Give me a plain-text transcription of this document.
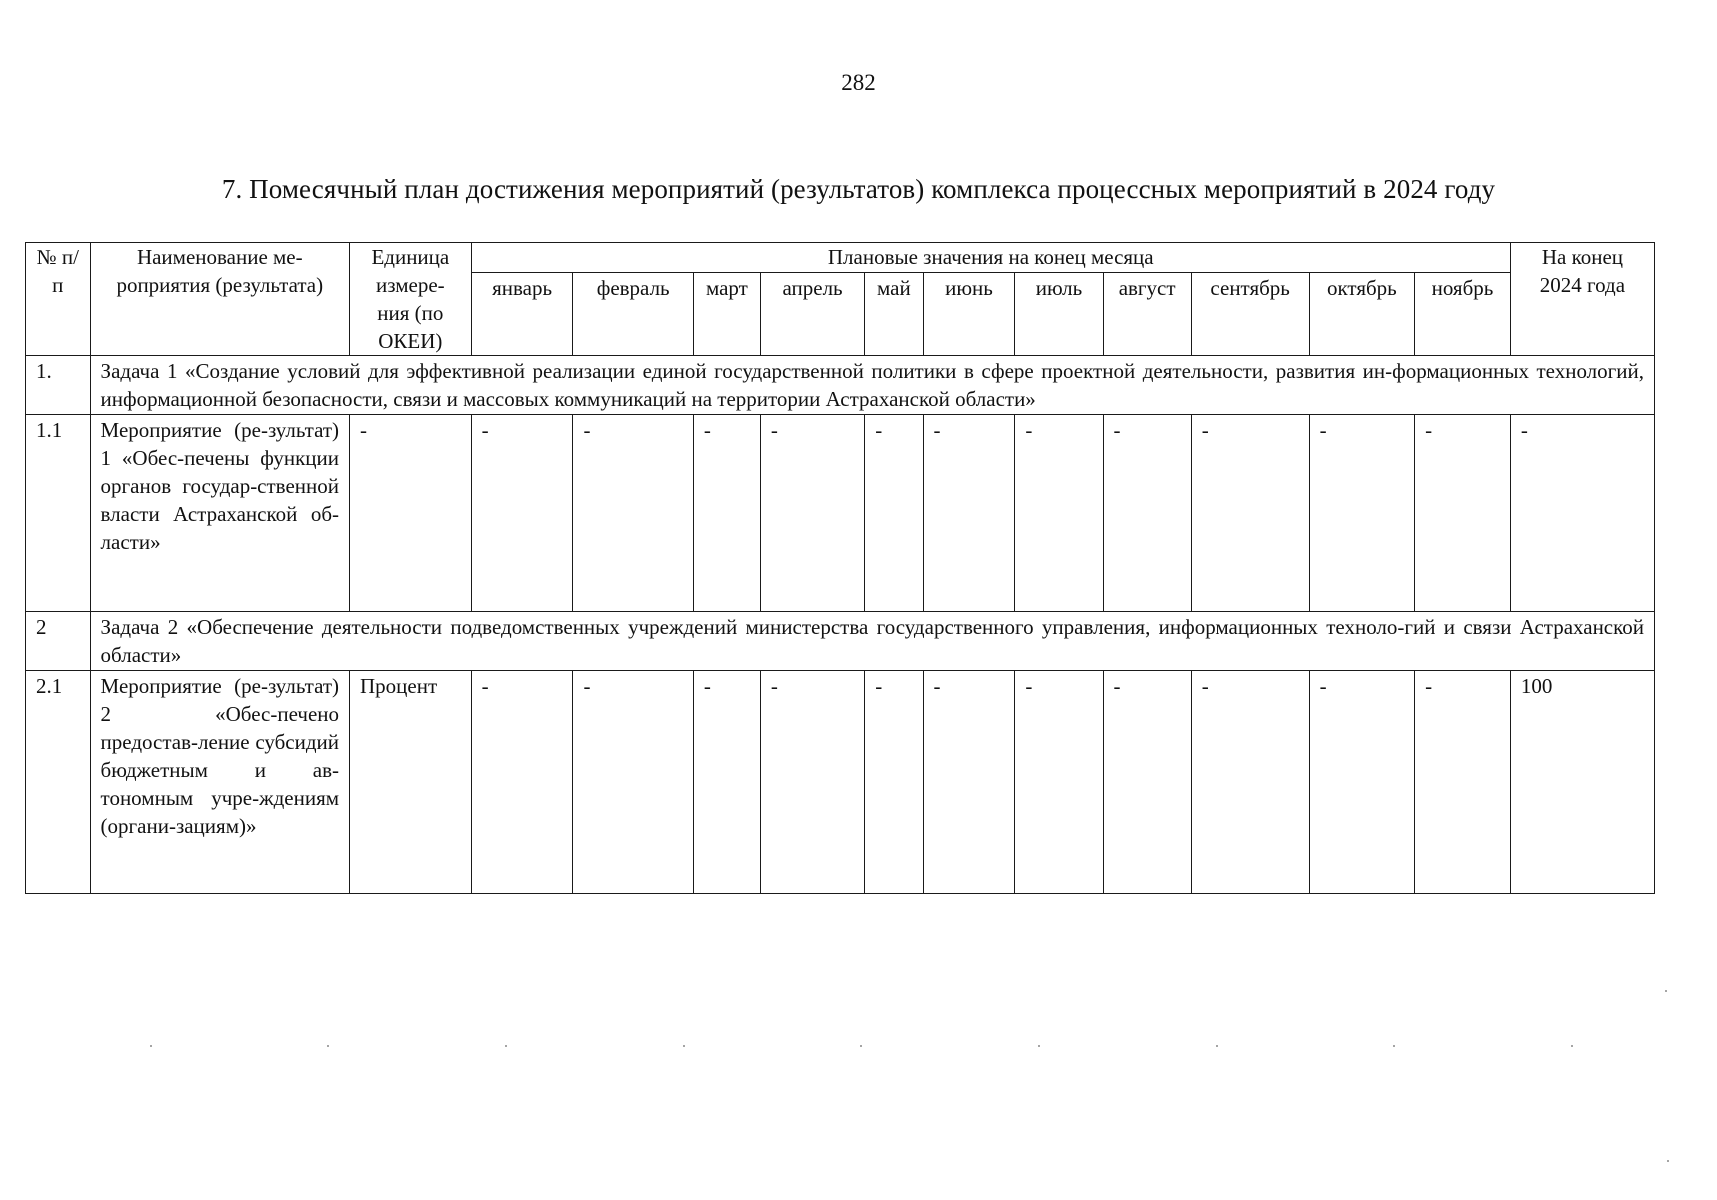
282
7. Помесячный план достижения мероприятий (результатов) комплекса процессных мероприятий в 2024 году
№ п/п	Наименование ме-роприятия (результата)	Единица измере-ния (по ОКЕИ)	Плановые значения на конец месяца											На конец 2024 года
			январь	февраль	март	апрель	май	июнь	июль	август	сентябрь	октябрь	ноябрь	
1.	Задача 1 «Создание условий для эффективной реализации единой государственной политики в сфере проектной деятельности, развития ин-формационных технологий, информационной безопасности, связи и массовых коммуникаций на территории Астраханской области»													
1.1	Мероприятие (ре-зультат) 1 «Обес-печены функции органов государ-ственной власти Астраханской об-ласти»	-	-	-	-	-	-	-	-	-	-	-	-	-
2	Задача 2 «Обеспечение деятельности подведомственных учреждений министерства государственного управления, информационных техноло-гий и связи Астраханской области»													
2.1	Мероприятие (ре-зультат) 2 «Обес-печено предостав-ление субсидий бюджетным и ав-тономным учре-ждениям (органи-зациям)»	Процент	-	-	-	-	-	-	-	-	-	-	-	100
